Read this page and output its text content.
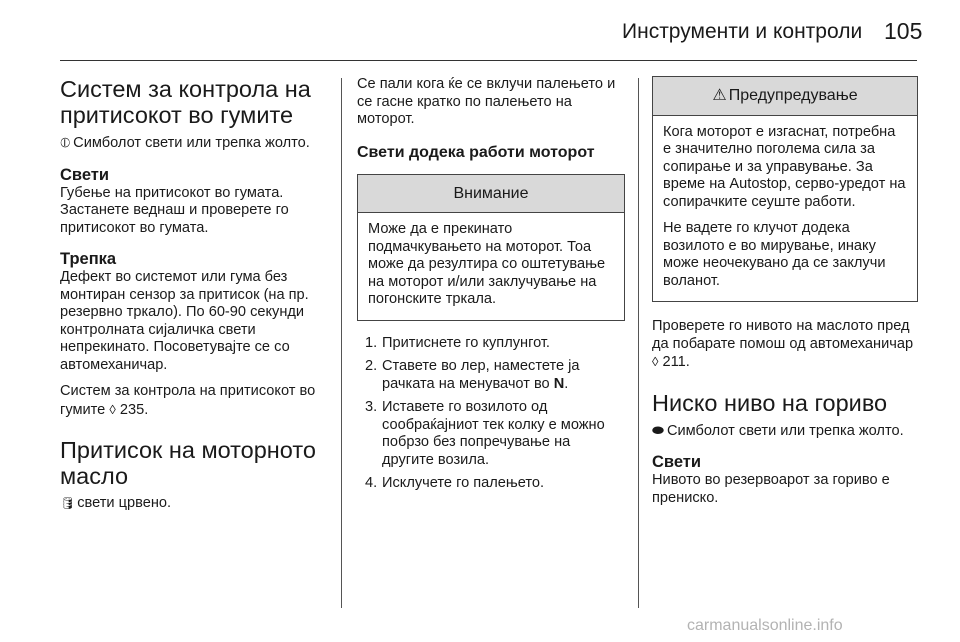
Инструменти и контроли 105
Систем за контрола на притисокот во гумите

⦶ Симболот свети или трепка жолто.

Свети

Губење на притисокот во гумата. Застанете веднаш и проверете го притисокот во гумата.

Трепка

Дефект во системот или гума без монтиран сензор за притисок (на пр. резервно тркало). По 60-90 секунди контролната сијаличка свети непрекинато. Посоветувајте се со автомеханичар.

Систем за контрола на притисокот во гумите ◊ 235.

Притисок на моторното масло

🛢 свети црвено.

Се пали кога ќе се вклучи палењето и се гасне кратко по палењето на моторот.

Свети додека работи моторот
Внимание

Може да е прекинато подмачкувањето на моторот. Тоа може да резултира со оштетување на моторот и/или заклучување на погонските тркала.

1. Притиснете го куплунгот.
2. Ставете во лер, наместете ја рачката на менувачот во N.
3. Иставете го возилото од сообраќајниот тек колку е можно побрзо без попречување на другите возила.
4. Исклучете го палењето.
⚠ Предупредување

Кога моторот е изгаснат, потребна е значително поголема сила за сопирање и за управување. За време на Autostop, серво-уредот на сопирачките сеуште работи.

Не вадете го клучот додека возилото е во мирување, инаку може неочекувано да се заклучи воланот.

Проверете го нивото на маслото пред да побарате помош од автомеханичар ◊ 211.

Ниско ниво на гориво

⬬ Симболот свети или трепка жолто.

Свети

Нивото во резервоарот за гориво е прениско.

carmanualsonline.info
